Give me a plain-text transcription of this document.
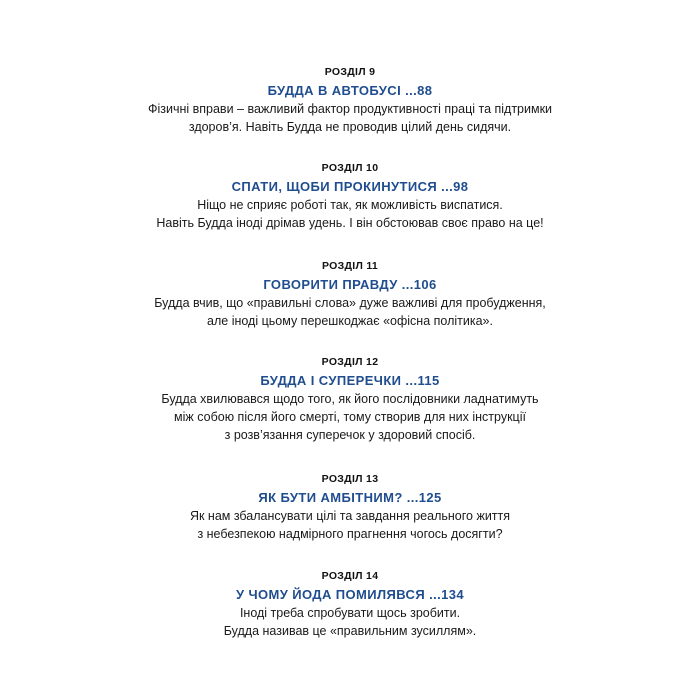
РОЗДІЛ 9
БУДДА В АВТОБУСІ ...88
Фізичні вправи – важливий фактор продуктивності праці та підтримки
здоров’я. Навіть Будда не проводив цілий день сидячи.
РОЗДІЛ 10
СПАТИ, ЩОБИ ПРОКИНУТИСЯ ...98
Ніщо не сприяє роботі так, як можливість виспатися.
Навіть Будда іноді дрімав удень. І він обстоював своє право на це!
РОЗДІЛ 11
ГОВОРИТИ ПРАВДУ ...106
Будда вчив, що «правильні слова» дуже важливі для пробудження,
але іноді цьому перешкоджає «офісна політика».
РОЗДІЛ 12
БУДДА І СУПЕРЕЧКИ ...115
Будда хвилювався щодо того, як його послідовники ладнатимуть
між собою після його смерті, тому створив для них інструкції
з розв’язання суперечок у здоровий спосіб.
РОЗДІЛ 13
ЯК БУТИ АМБІТНИМ? ...125
Як нам збалансувати цілі та завдання реального життя
з небезпекою надмірного прагнення чогось досягти?
РОЗДІЛ 14
У ЧОМУ ЙОДА ПОМИЛЯВСЯ ...134
Іноді треба спробувати щось зробити.
Будда називав це «правильним зусиллям».
